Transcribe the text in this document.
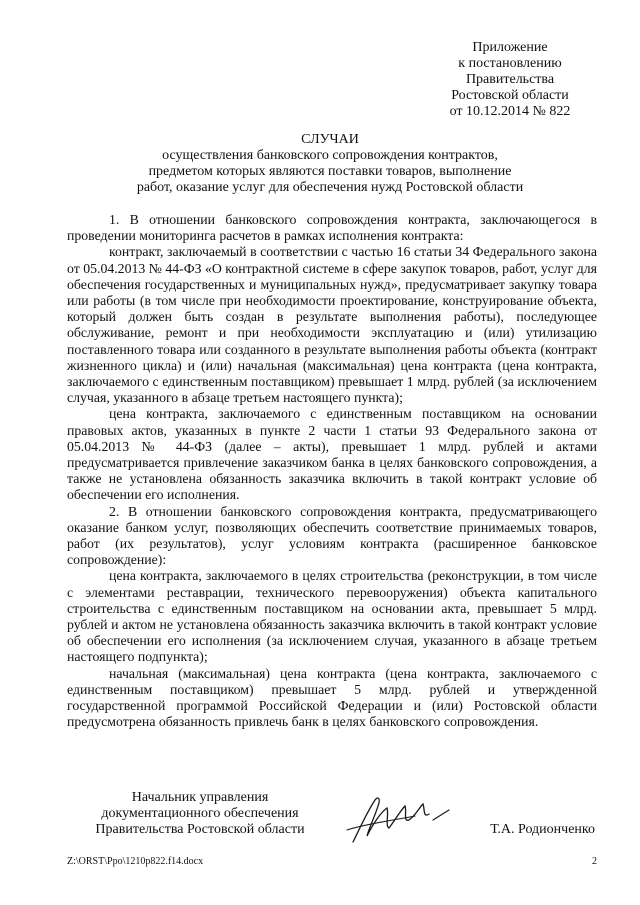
Приложение
к постановлению
Правительства
Ростовской области
от 10.12.2014 № 822
СЛУЧАИ
осуществления банковского сопровождения контрактов,
предметом которых являются поставки товаров, выполнение
работ, оказание услуг для обеспечения нужд Ростовской области

1. В отношении банковского сопровождения контракта, заключающегося в проведении мониторинга расчетов в рамках исполнения контракта:

контракт, заключаемый в соответствии с частью 16 статьи 34 Федерального закона от 05.04.2013 № 44-ФЗ «О контрактной системе в сфере закупок товаров, работ, услуг для обеспечения государственных и муниципальных нужд», предусматривает закупку товара или работы (в том числе при необходимости проектирование, конструирование объекта, который должен быть создан в результате выполнения работы), последующее обслуживание, ремонт и при необходимости эксплуатацию и (или) утилизацию поставленного товара или созданного в результате выполнения работы объекта (контракт жизненного цикла) и (или) начальная (максимальная) цена контракта (цена контракта, заключаемого с единственным поставщиком) превышает 1 млрд. рублей (за исключением случая, указанного в абзаце третьем настоящего пункта);

цена контракта, заключаемого с единственным поставщиком на основании правовых актов, указанных в пункте 2 части 1 статьи 93 Федерального закона от 05.04.2013 № 44-ФЗ (далее – акты), превышает 1 млрд. рублей и актами предусматривается привлечение заказчиком банка в целях банковского сопровождения, а также не установлена обязанность заказчика включить в такой контракт условие об обеспечении его исполнения.

2. В отношении банковского сопровождения контракта, предусматривающего оказание банком услуг, позволяющих обеспечить соответствие принимаемых товаров, работ (их результатов), услуг условиям контракта (расширенное банковское сопровождение):

цена контракта, заключаемого в целях строительства (реконструкции, в том числе с элементами реставрации, технического перевооружения) объекта капитального строительства с единственным поставщиком на основании акта, превышает 5 млрд. рублей и актом не установлена обязанность заказчика включить в такой контракт условие об обеспечении его исполнения (за исключением случая, указанного в абзаце третьем настоящего подпункта);

начальная (максимальная) цена контракта (цена контракта, заключаемого с единственным поставщиком) превышает 5 млрд. рублей и утвержденной государственной программой Российской Федерации и (или) Ростовской области предусмотрена обязанность привлечь банк в целях банковского сопровождения.

Начальник управления
документационного обеспечения
Правительства Ростовской области	Т.А. Родионченко
Z:\ORST\Ppo\1210p822.f14.docx	2
